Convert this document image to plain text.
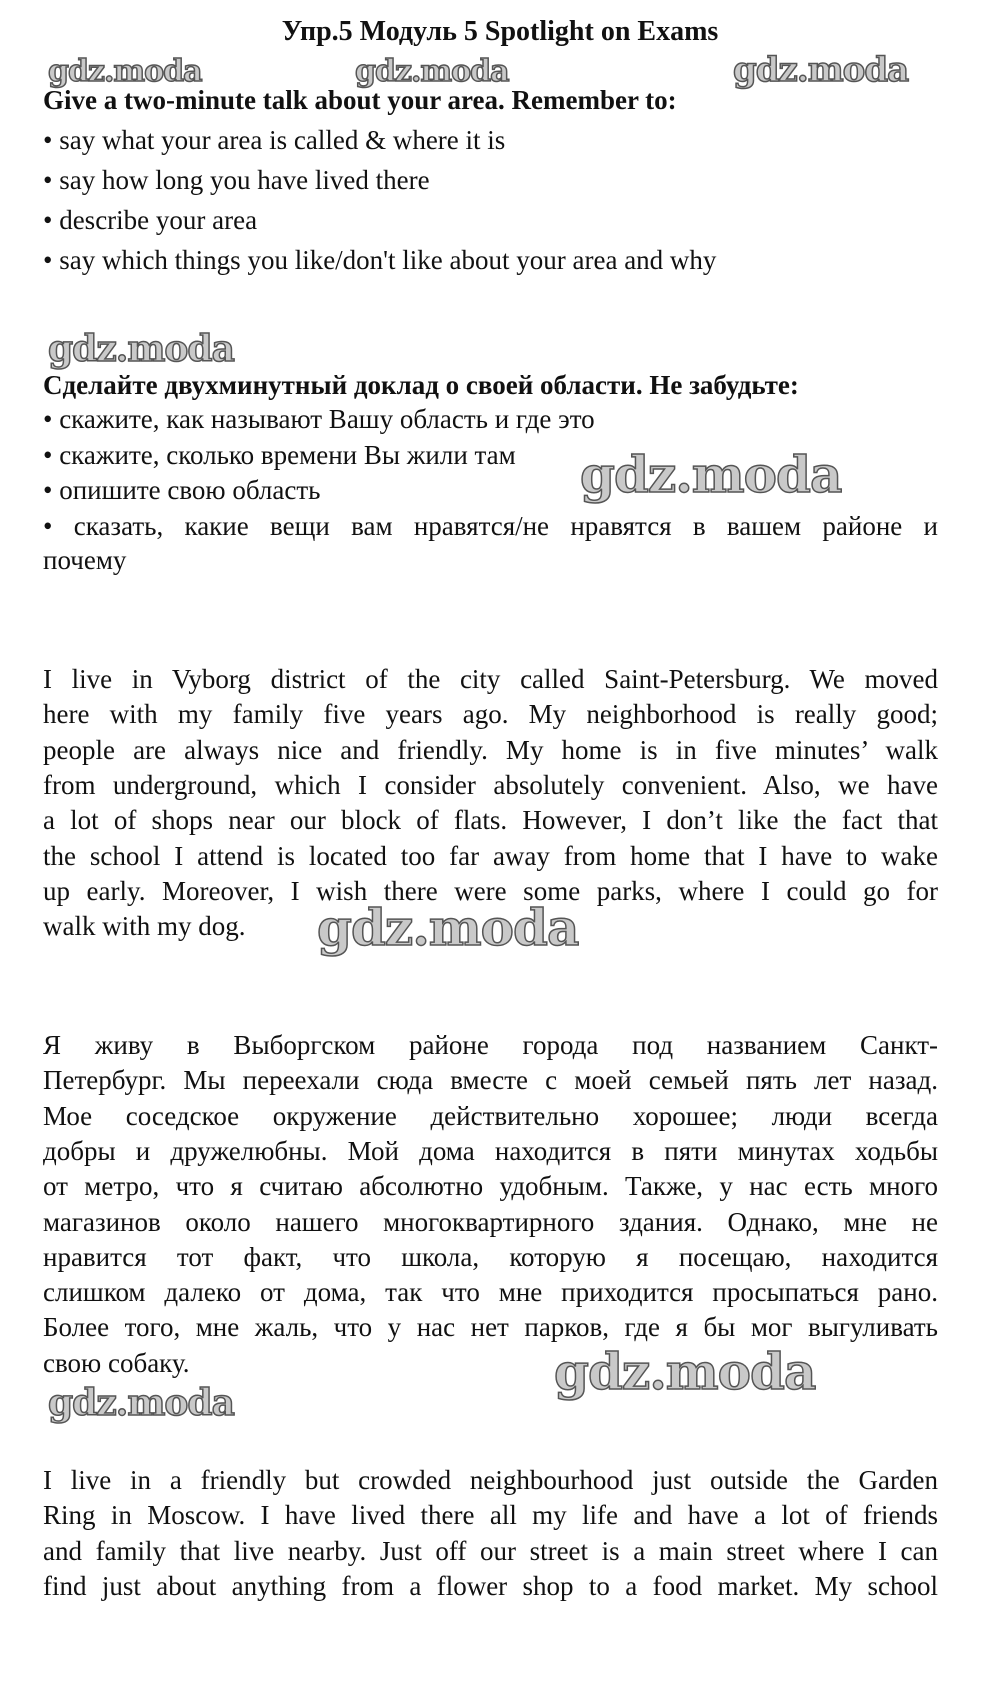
Упр.5 Модуль 5 Spotlight on Exams
gdz.moda	gdz.moda	gdz.moda
Give a two-minute talk about your area. Remember to:
• say what your area is called & where it is
• say how long you have lived there
• describe your area
• say which things you like/don't like about your area and why
gdz.moda
Сделайте двухминутный доклад о своей области. Не забудьте:
• скажите, как называют Вашу область и где это
• скажите, сколько времени Вы жили там
• опишите свою область
• сказать, какие вещи вам нравятся/не нравятся в вашем районе и
почему
gdz.moda
I live in Vyborg district of the city called Saint-Petersburg. We moved
here with my family five years ago. My neighborhood is really good;
people are always nice and friendly. My home is in five minutes’ walk
from underground, which I consider absolutely convenient. Also, we have
a lot of shops near our block of flats. However, I don’t like the fact that
the school I attend is located too far away from home that I have to wake
up early. Moreover, I wish there were some parks, where I could go for
walk with my dog.	gdz.moda
Я живу в Выборгском районе города под названием Санкт-
Петербург. Мы переехали сюда вместе с моей семьей пять лет назад.
Мое соседское окружение действительно хорошее; люди всегда
добры и дружелюбны. Мой дома находится в пяти минутах ходьбы
от метро, что я считаю абсолютно удобным. Также, у нас есть много
магазинов около нашего многоквартирного здания. Однако, мне не
нравится тот факт, что школа, которую я посещаю, находится
слишком далеко от дома, так что мне приходится просыпаться рано.
Более того, мне жаль, что у нас нет парков, где я бы мог выгуливать
свою собаку.	gdz.moda
gdz.moda
I live in a friendly but crowded neighbourhood just outside the Garden
Ring in Moscow. I have lived there all my life and have a lot of friends
and family that live nearby. Just off our street is a main street where I can
find just about anything from a flower shop to a food market. My school
